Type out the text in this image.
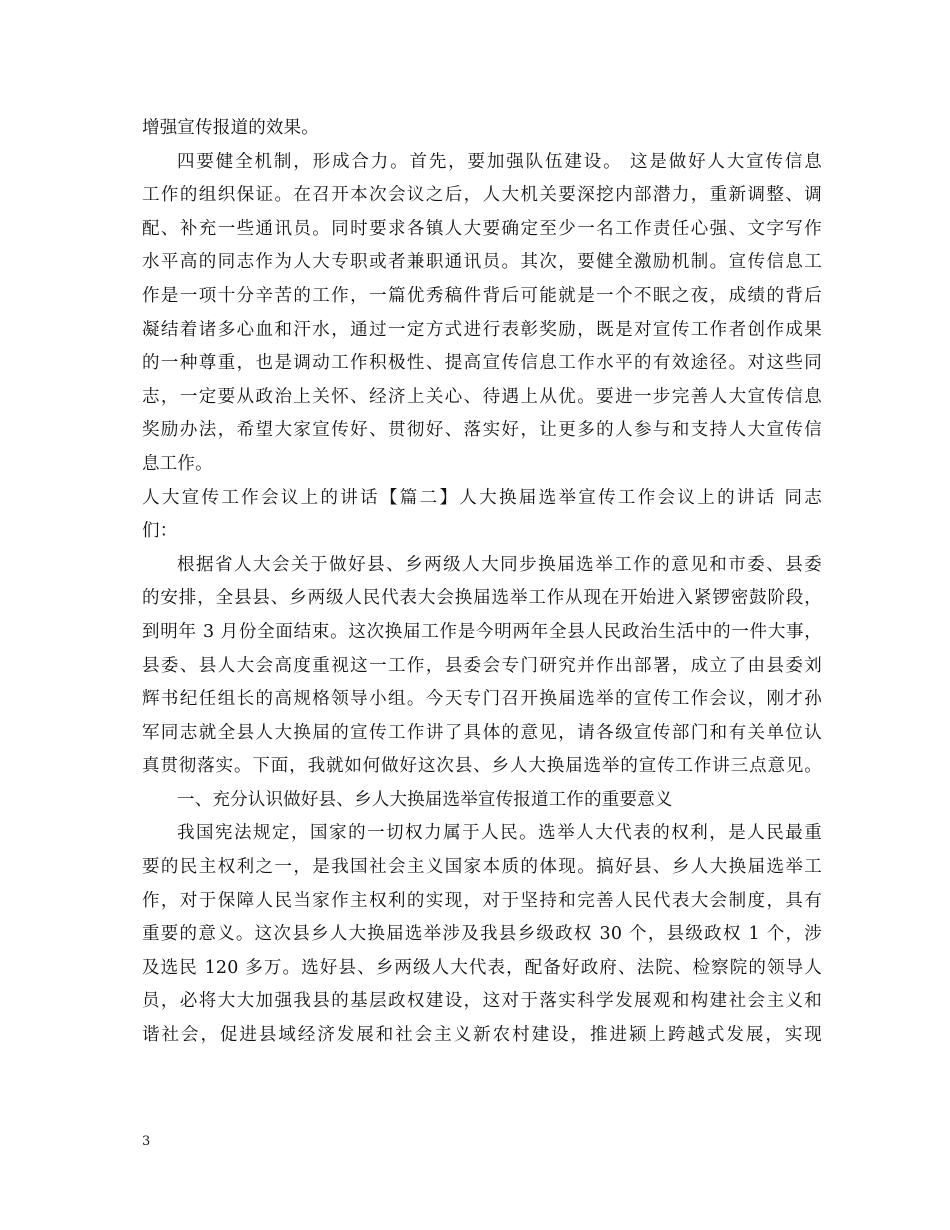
增强宣传报道的效果。
四要健全机制，形成合力。首先，要加强队伍建设。 这是做好人大宣传信息
工作的组织保证。在召开本次会议之后，人大机关要深挖内部潜力，重新调整、调
配、补充一些通讯员。同时要求各镇人大要确定至少一名工作责任心强、文字写作
水平高的同志作为人大专职或者兼职通讯员。其次，要健全激励机制。宣传信息工
作是一项十分辛苦的工作，一篇优秀稿件背后可能就是一个不眠之夜，成绩的背后
凝结着诸多心血和汗水，通过一定方式进行表彰奖励，既是对宣传工作者创作成果
的一种尊重，也是调动工作积极性、提高宣传信息工作水平的有效途径。对这些同
志，一定要从政治上关怀、经济上关心、待遇上从优。要进一步完善人大宣传信息
奖励办法，希望大家宣传好、贯彻好、落实好，让更多的人参与和支持人大宣传信
息工作。
人大宣传工作会议上的讲话【篇二】人大换届选举宣传工作会议上的讲话 同志
们：
根据省人大会关于做好县、乡两级人大同步换届选举工作的意见和市委、县委
的安排，全县县、乡两级人民代表大会换届选举工作从现在开始进入紧锣密鼓阶段，
到明年 3 月份全面结束。这次换届工作是今明两年全县人民政治生活中的一件大事，
县委、县人大会高度重视这一工作，县委会专门研究并作出部署，成立了由县委刘
辉书纪任组长的高规格领导小组。今天专门召开换届选举的宣传工作会议，刚才孙
军同志就全县人大换届的宣传工作讲了具体的意见，请各级宣传部门和有关单位认
真贯彻落实。下面，我就如何做好这次县、乡人大换届选举的宣传工作讲三点意见。
一、充分认识做好县、乡人大换届选举宣传报道工作的重要意义
我国宪法规定，国家的一切权力属于人民。选举人大代表的权利，是人民最重
要的民主权利之一，是我国社会主义国家本质的体现。搞好县、乡人大换届选举工
作，对于保障人民当家作主权利的实现，对于坚持和完善人民代表大会制度，具有
重要的意义。这次县乡人大换届选举涉及我县乡级政权 30 个，县级政权 1 个，涉
及选民 120 多万。选好县、乡两级人大代表，配备好政府、法院、检察院的领导人
员，必将大大加强我县的基层政权建设，这对于落实科学发展观和构建社会主义和
谐社会，促进县域经济发展和社会主义新农村建设，推进颍上跨越式发展，实现
3
